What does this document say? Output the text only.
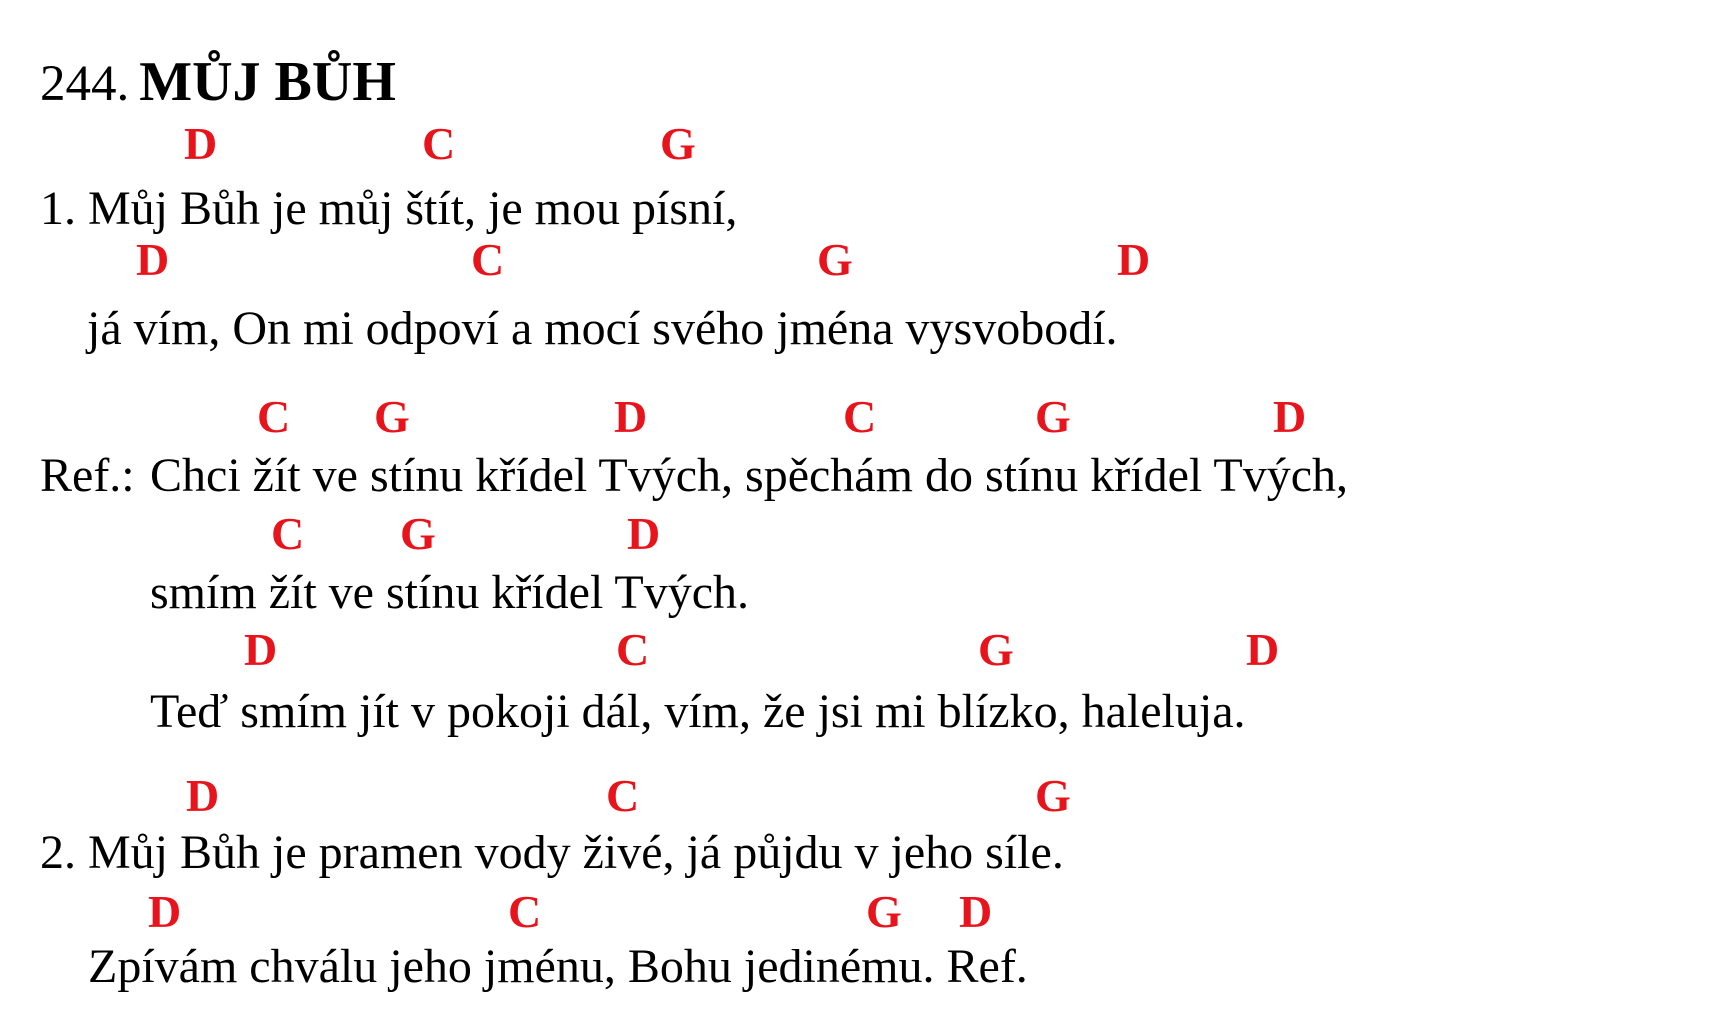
244. MŮJ BŮH
D	C	G
1. Můj Bůh je můj štít, je mou písní,
D	C	G	D
já vím, On mi odpoví a mocí svého jména vysvobodí.
C G	D	C	G	D
Ref.: Chci žít ve stínu křídel Tvých, spěchám do stínu křídel Tvých,
C G	D
smím žít ve stínu křídel Tvých.
D	C	G	D
Teď smím jít v pokoji dál, vím, že jsi mi blízko, haleluja.
D	C	G
2. Můj Bůh je pramen vody živé, já půjdu v jeho síle.
D	C	G D
Zpívám chválu jeho jménu, Bohu jedinému. Ref.
